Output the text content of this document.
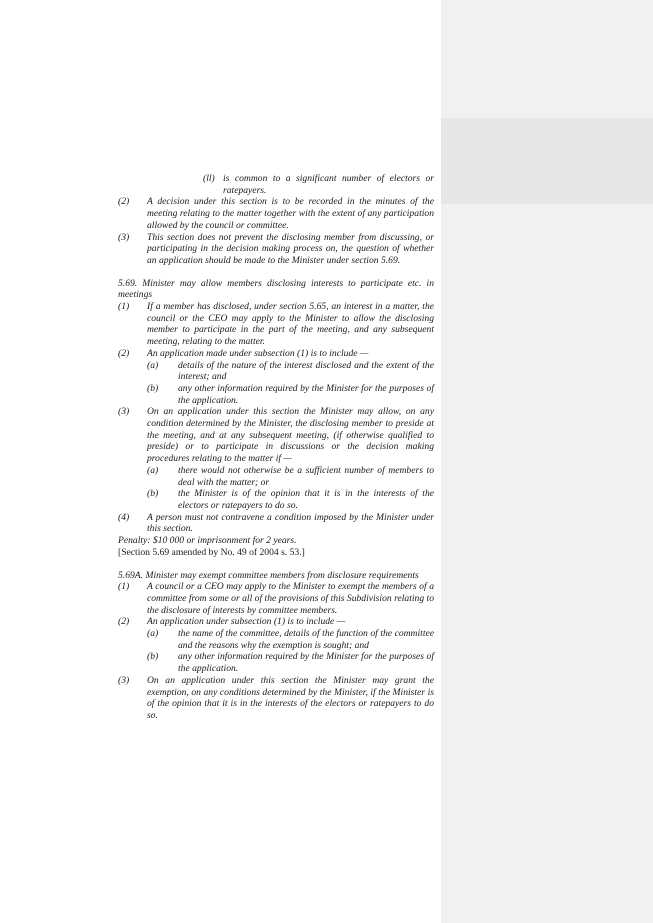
(ll) is common to a significant number of electors or ratepayers.
(2) A decision under this section is to be recorded in the minutes of the meeting relating to the matter together with the extent of any participation allowed by the council or committee.
(3) This section does not prevent the disclosing member from discussing, or participating in the decision making process on, the question of whether an application should be made to the Minister under section 5.69.
5.69. Minister may allow members disclosing interests to participate etc. in meetings
(1) If a member has disclosed, under section 5.65, an interest in a matter, the council or the CEO may apply to the Minister to allow the disclosing member to participate in the part of the meeting, and any subsequent meeting, relating to the matter.
(2) An application made under subsection (1) is to include —
(a) details of the nature of the interest disclosed and the extent of the interest; and
(b) any other information required by the Minister for the purposes of the application.
(3) On an application under this section the Minister may allow, on any condition determined by the Minister, the disclosing member to preside at the meeting, and at any subsequent meeting, (if otherwise qualified to preside) or to participate in discussions or the decision making procedures relating to the matter if —
(a) there would not otherwise be a sufficient number of members to deal with the matter; or
(b) the Minister is of the opinion that it is in the interests of the electors or ratepayers to do so.
(4) A person must not contravene a condition imposed by the Minister under this section.
Penalty: $10 000 or imprisonment for 2 years.
[Section 5.69 amended by No. 49 of 2004 s. 53.]
5.69A. Minister may exempt committee members from disclosure requirements
(1) A council or a CEO may apply to the Minister to exempt the members of a committee from some or all of the provisions of this Subdivision relating to the disclosure of interests by committee members.
(2) An application under subsection (1) is to include —
(a) the name of the committee, details of the function of the committee and the reasons why the exemption is sought; and
(b) any other information required by the Minister for the purposes of the application.
(3) On an application under this section the Minister may grant the exemption, on any conditions determined by the Minister, if the Minister is of the opinion that it is in the interests of the electors or ratepayers to do so.
